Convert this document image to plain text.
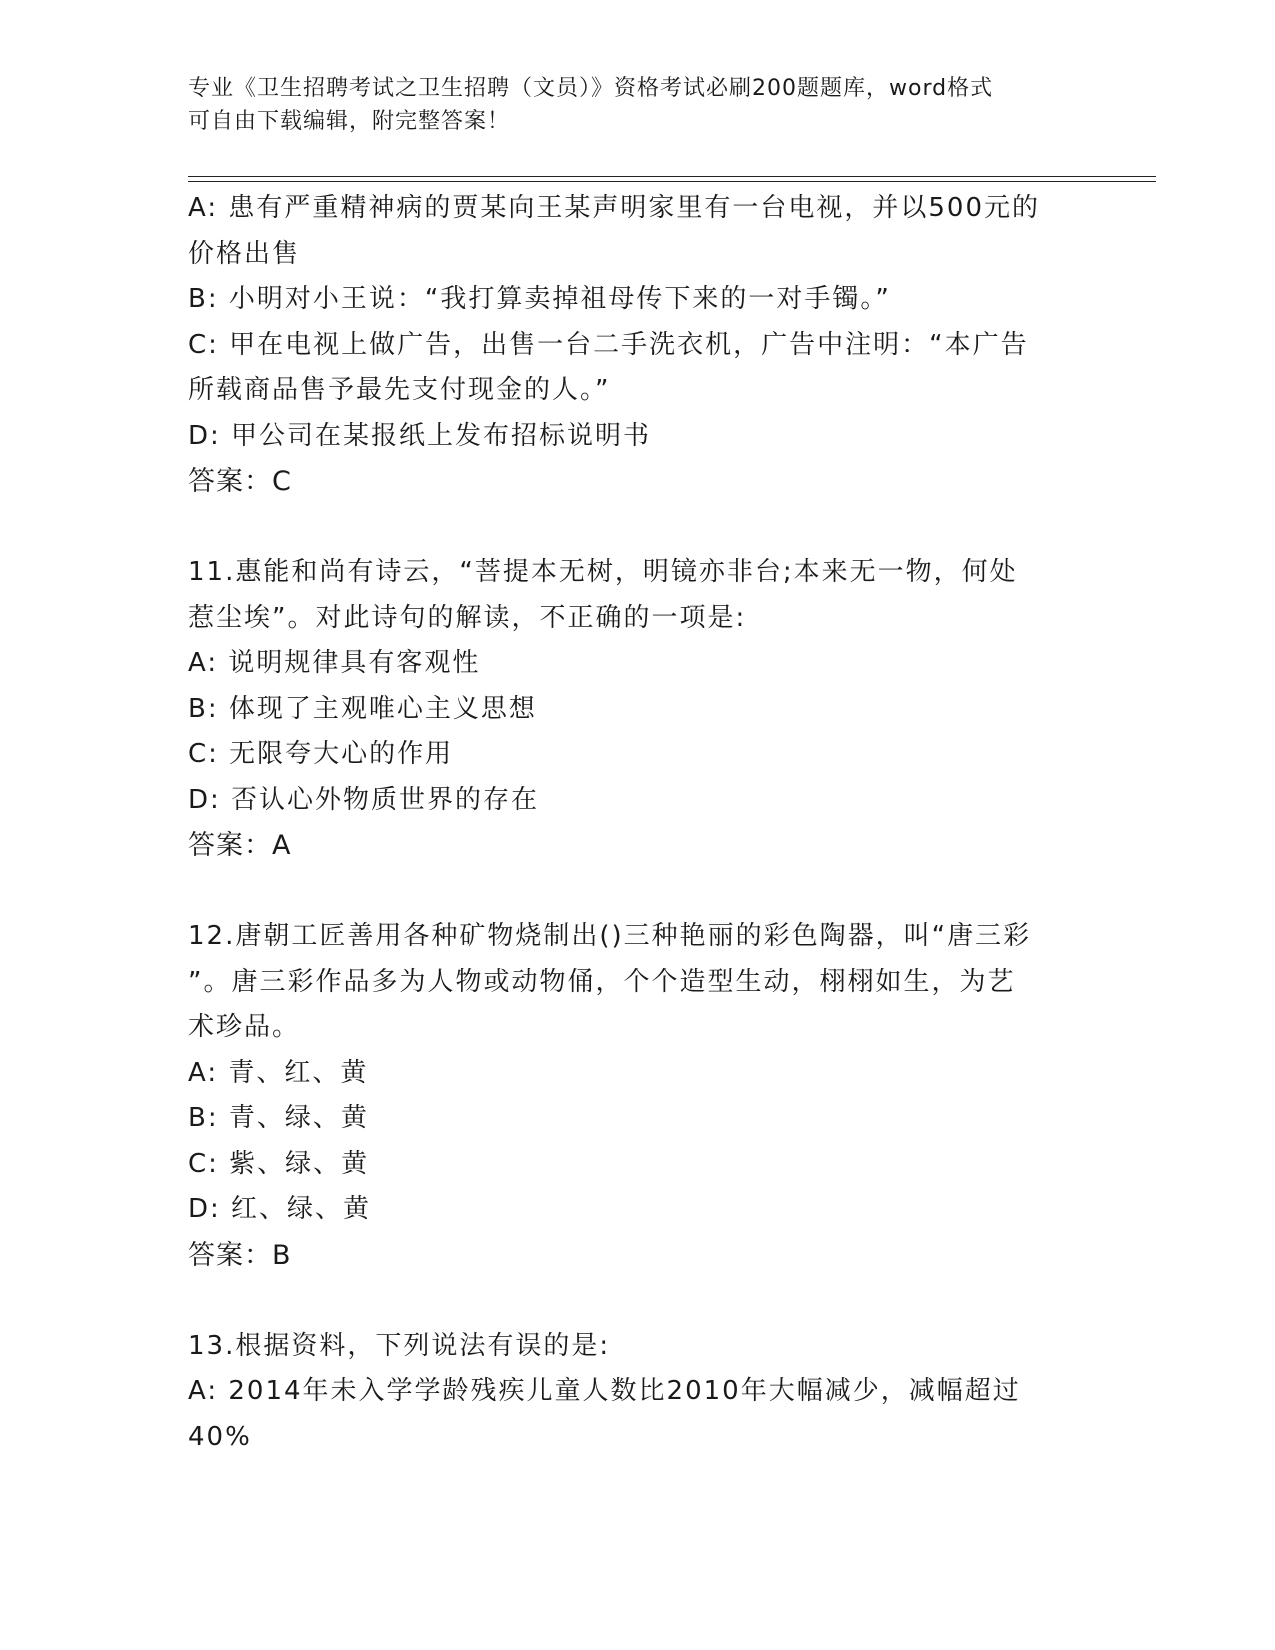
专业《卫生招聘考试之卫生招聘（文员）》资格考试必刷200题题库，word格式
可自由下载编辑，附完整答案！

A: 患有严重精神病的贾某向王某声明家里有一台电视，并以500元的

价格出售

B: 小明对小王说：“我打算卖掉祖母传下来的一对手镯。”

C: 甲在电视上做广告，出售一台二手洗衣机，广告中注明：“本广告

所载商品售予最先支付现金的人。”

D: 甲公司在某报纸上发布招标说明书

答案：C

11.惠能和尚有诗云，“菩提本无树，明镜亦非台;本来无一物，何处

惹尘埃”。对此诗句的解读，不正确的一项是:

A: 说明规律具有客观性

B: 体现了主观唯心主义思想

C: 无限夸大心的作用

D: 否认心外物质世界的存在

答案：A

12.唐朝工匠善用各种矿物烧制出()三种艳丽的彩色陶器，叫“唐三彩

”。唐三彩作品多为人物或动物俑，个个造型生动，栩栩如生，为艺

术珍品。

A: 青、红、黄

B: 青、绿、黄

C: 紫、绿、黄

D: 红、绿、黄

答案：B

13.根据资料，下列说法有误的是:

A: 2014年未入学学龄残疾儿童人数比2010年大幅减少，减幅超过

40%
